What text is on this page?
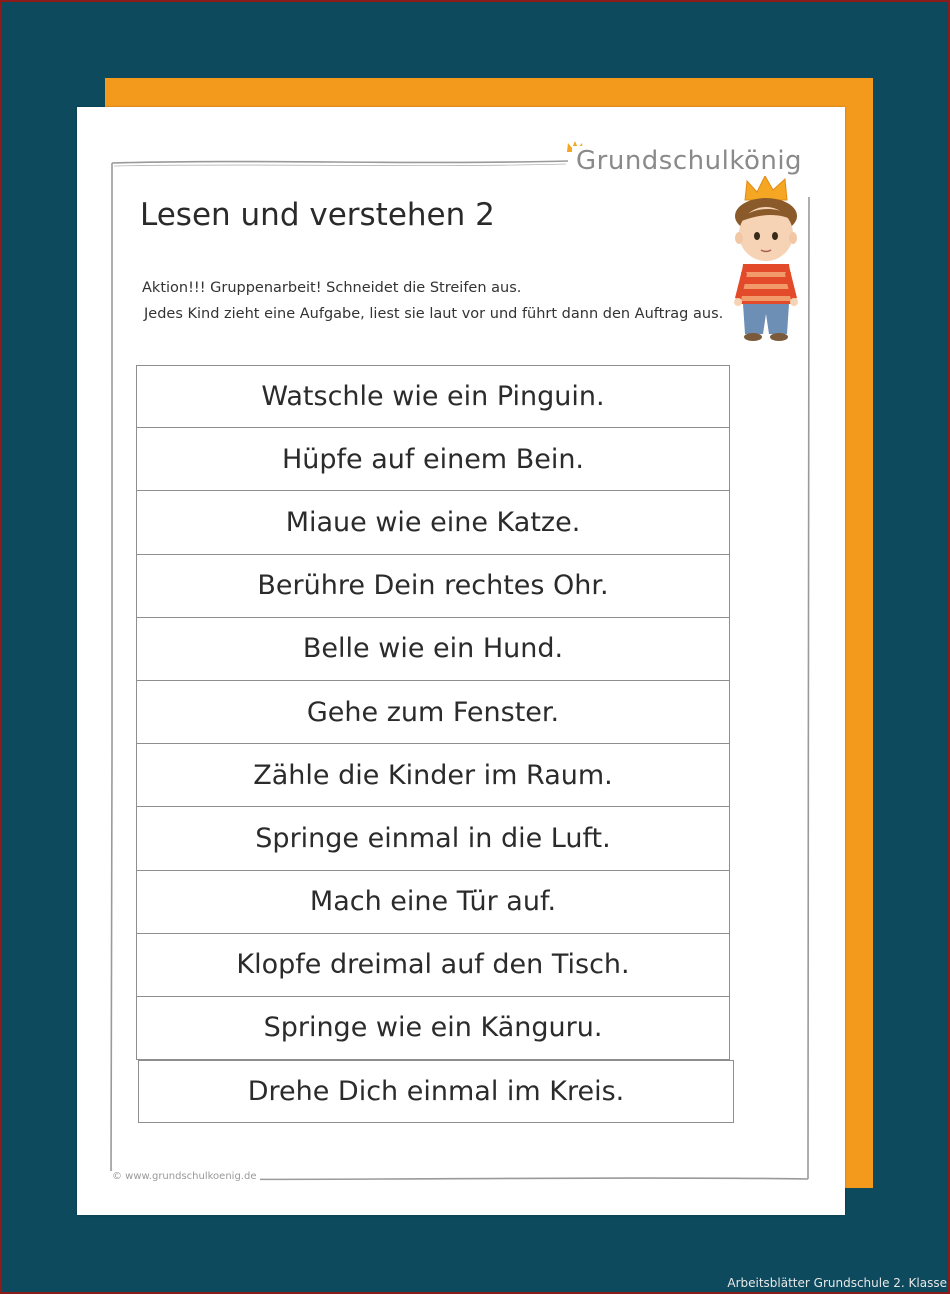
Grundschulkönig
Lesen und verstehen 2
Aktion!!! Gruppenarbeit! Schneidet die Streifen aus.
Jedes Kind zieht eine Aufgabe, liest sie laut vor und führt dann den Auftrag aus.
Watschle wie ein Pinguin.
Hüpfe auf einem Bein.
Miaue wie eine Katze.
Berühre Dein rechtes Ohr.
Belle wie ein Hund.
Gehe zum Fenster.
Zähle die Kinder im Raum.
Springe einmal in die Luft.
Mach eine Tür auf.
Klopfe dreimal auf den Tisch.
Springe wie ein Känguru.
Drehe Dich einmal im Kreis.
© www.grundschulkoenig.de
Arbeitsblätter Grundschule 2. Klasse
